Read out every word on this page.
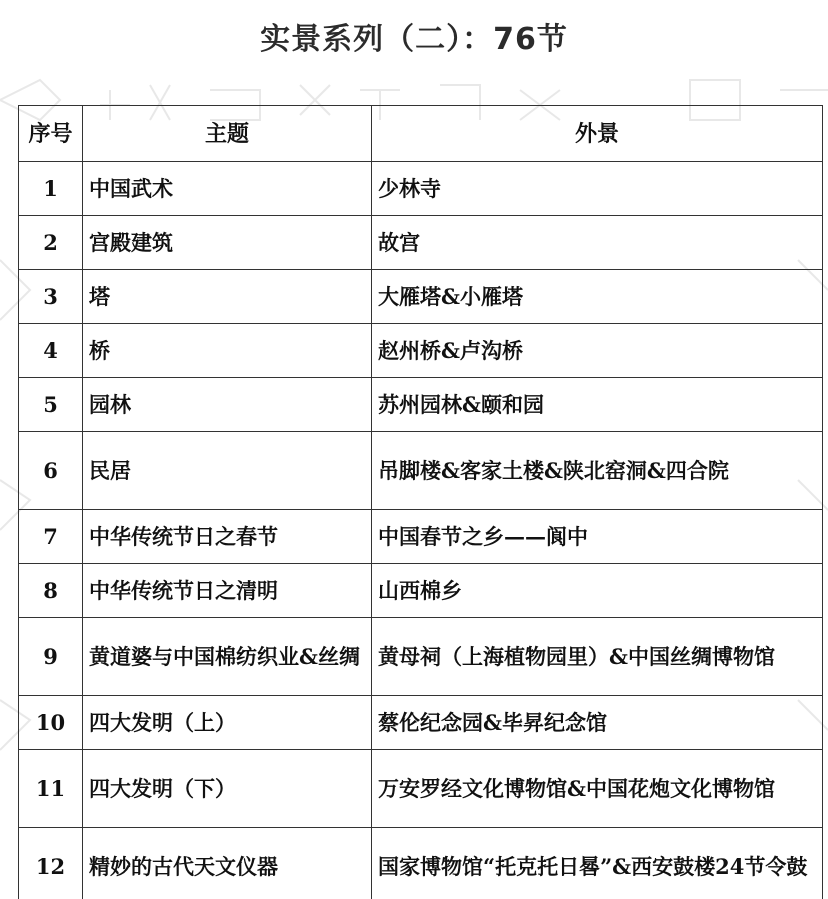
实景系列（二）：76节
序号	主题	外景
1	中国武术	少林寺
2	宫殿建筑	故宫
3	塔	大雁塔&小雁塔
4	桥	赵州桥&卢沟桥
5	园林	苏州园林&颐和园
6	民居	吊脚楼&客家土楼&陕北窑洞&四合院
7	中华传统节日之春节	中国春节之乡——阆中
8	中华传统节日之清明	山西棉乡
9	黄道婆与中国棉纺织业&丝绸	黄母祠（上海植物园里）&中国丝绸博物馆
10	四大发明（上）	蔡伦纪念园&毕昇纪念馆
11	四大发明（下）	万安罗经文化博物馆&中国花炮文化博物馆
12	精妙的古代天文仪器	国家博物馆“托克托日晷”&西安鼓楼24节令鼓
